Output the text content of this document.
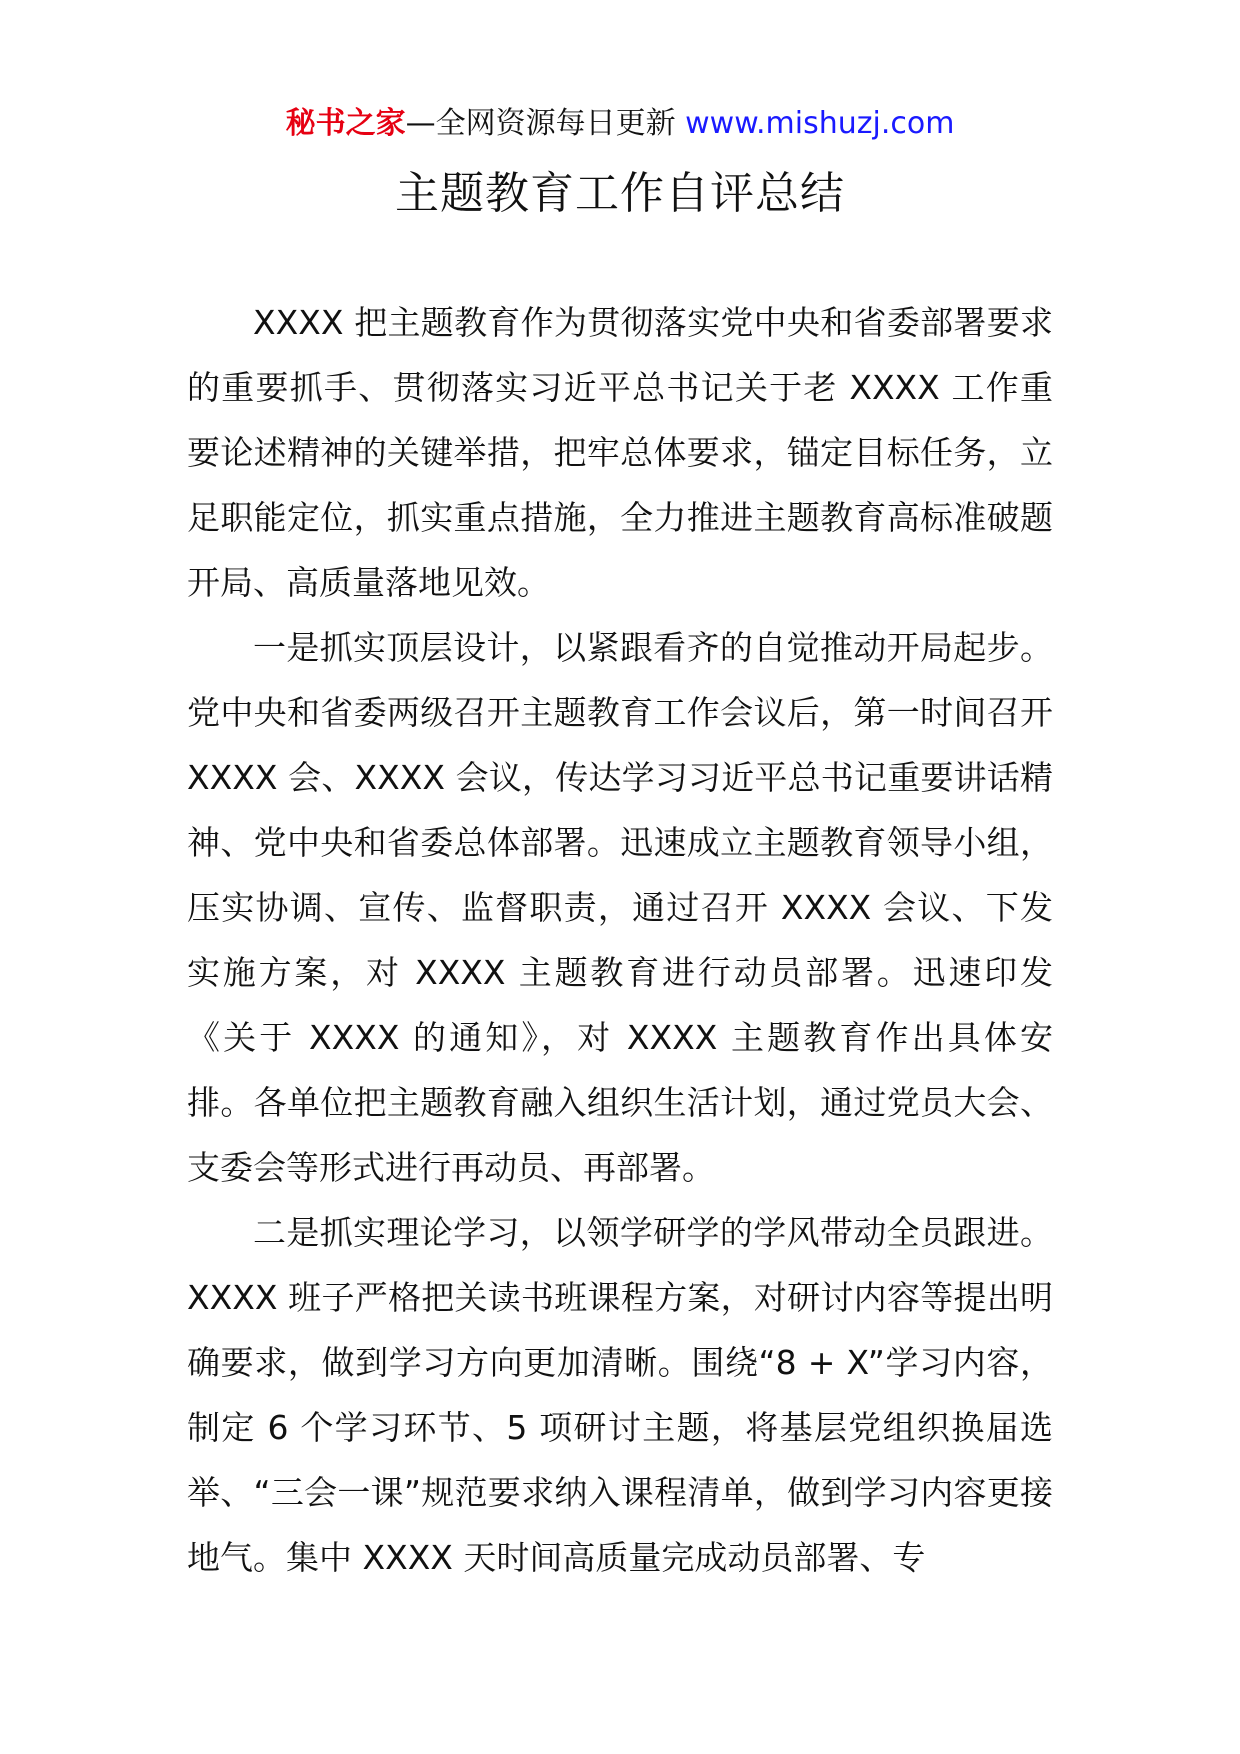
秘书之家—全网资源每日更新 www.mishuzj.com
主题教育工作自评总结

XXXX 把主题教育作为贯彻落实党中央和省委部署要求的重要抓手、贯彻落实习近平总书记关于老 XXXX 工作重要论述精神的关键举措，把牢总体要求，锚定目标任务，立足职能定位，抓实重点措施，全力推进主题教育高标准破题开局、高质量落地见效。

一是抓实顶层设计，以紧跟看齐的自觉推动开局起步。党中央和省委两级召开主题教育工作会议后，第一时间召开 XXXX 会、XXXX 会议，传达学习习近平总书记重要讲话精神、党中央和省委总体部署。迅速成立主题教育领导小组，压实协调、宣传、监督职责，通过召开 XXXX 会议、下发实施方案，对 XXXX 主题教育进行动员部署。迅速印发《关于 XXXX 的通知》，对 XXXX 主题教育作出具体安排。各单位把主题教育融入组织生活计划，通过党员大会、支委会等形式进行再动员、再部署。

二是抓实理论学习，以领学研学的学风带动全员跟进。XXXX 班子严格把关读书班课程方案，对研讨内容等提出明确要求，做到学习方向更加清晰。围绕“8 + X”学习内容，制定 6 个学习环节、5 项研讨主题，将基层党组织换届选举、“三会一课”规范要求纳入课程清单，做到学习内容更接地气。集中 XXXX 天时间高质量完成动员部署、专
